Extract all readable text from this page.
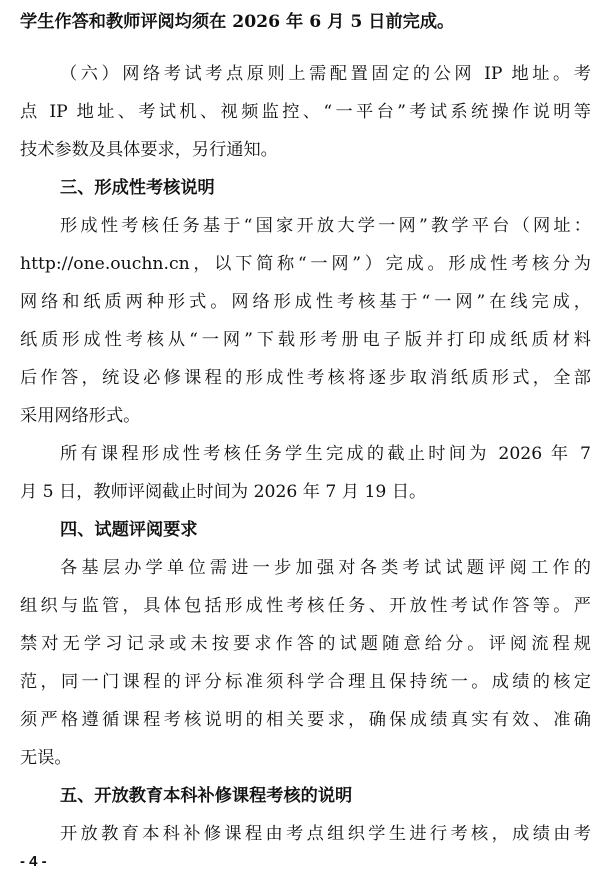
学生作答和教师评阅均须在 2026 年 6 月 5 日前完成。
（六）网络考试考点原则上需配置固定的公网 IP 地址。考
点 IP 地址、考试机、视频监控、“一平台”考试系统操作说明等
技术参数及具体要求，另行通知。
三、形成性考核说明
形成性考核任务基于“国家开放大学一网”教学平台（网址：
http://one.ouchn.cn，以下简称“一网”）完成。形成性考核分为
网络和纸质两种形式。网络形成性考核基于“一网”在线完成，
纸质形成性考核从“一网”下载形考册电子版并打印成纸质材料
后作答，统设必修课程的形成性考核将逐步取消纸质形式，全部
采用网络形式。
所有课程形成性考核任务学生完成的截止时间为 2026 年 7
月 5 日，教师评阅截止时间为 2026 年 7 月 19 日。
四、试题评阅要求
各基层办学单位需进一步加强对各类考试试题评阅工作的
组织与监管，具体包括形成性考核任务、开放性考试作答等。严
禁对无学习记录或未按要求作答的试题随意给分。评阅流程规
范，同一门课程的评分标准须科学合理且保持统一。成绩的核定
须严格遵循课程考核说明的相关要求，确保成绩真实有效、准确
无误。
五、开放教育本科补修课程考核的说明
开放教育本科补修课程由考点组织学生进行考核，成绩由考
- 4 -
